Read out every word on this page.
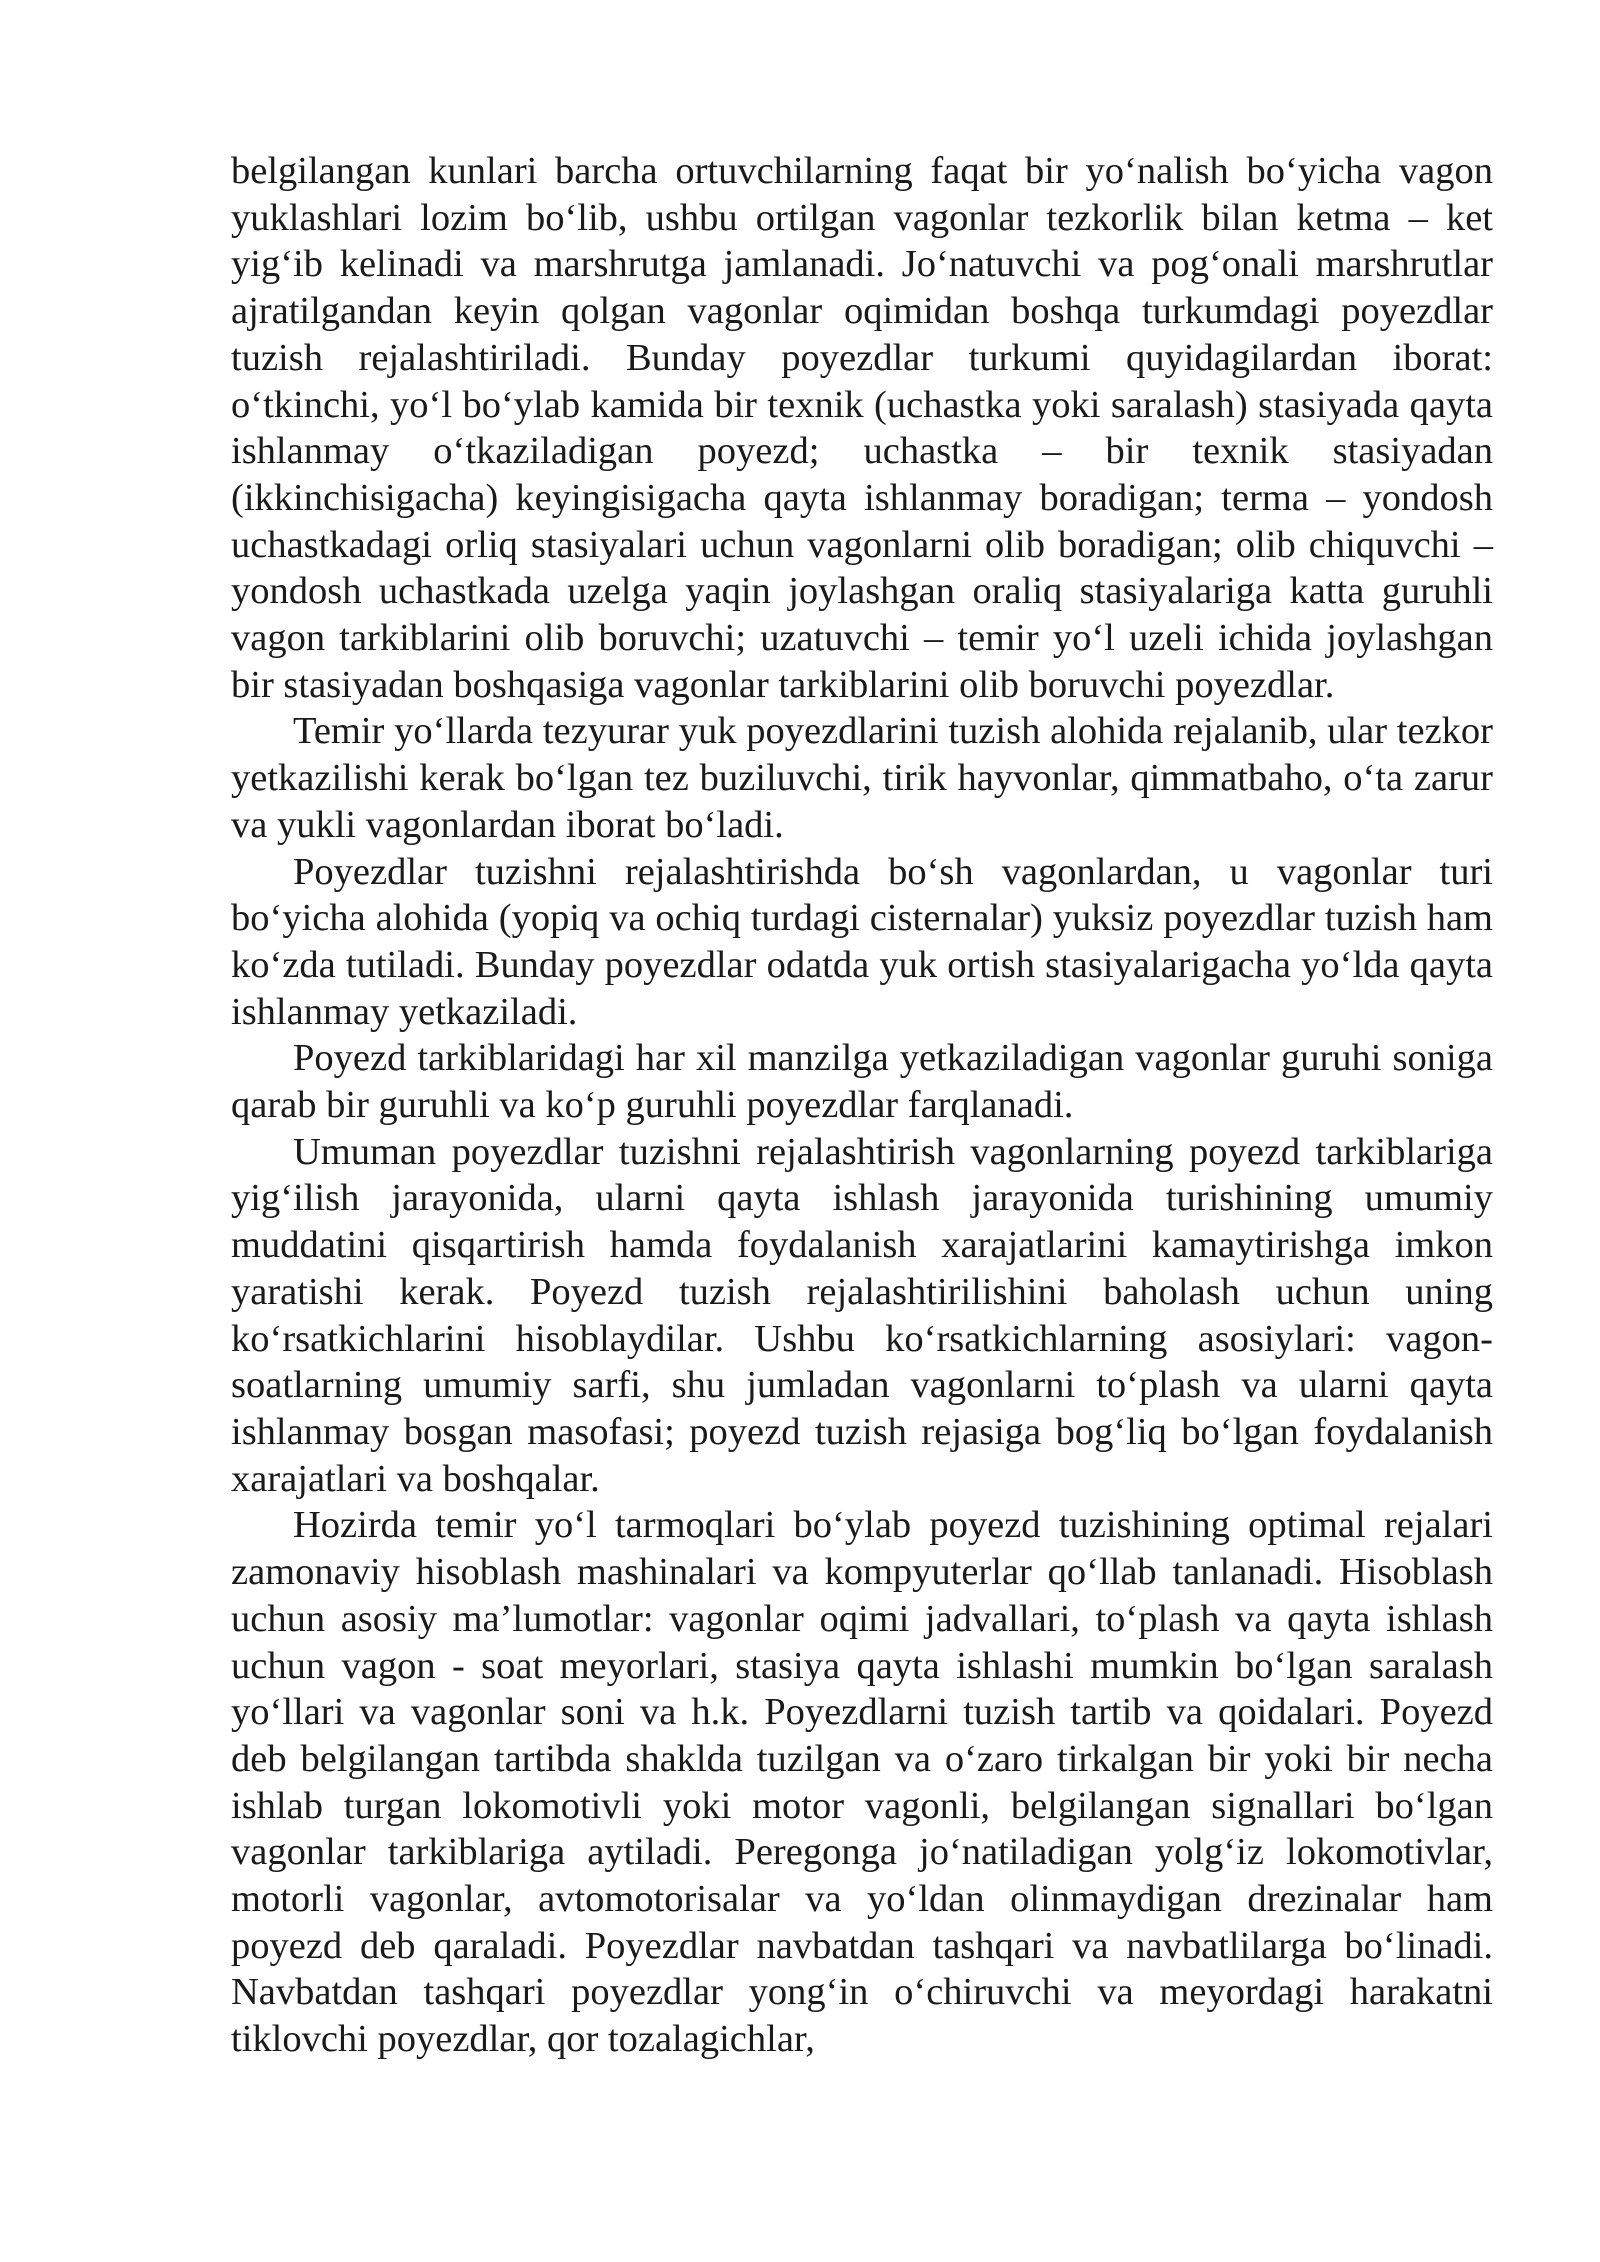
belgilangan kunlari barcha ortuvchilarning faqat bir yo‘nalish bo‘yicha vagon yuklashlari lozim bo‘lib, ushbu ortilgan vagonlar tezkorlik bilan ketma – ket yig‘ib kelinadi va marshrutga jamlanadi. Jo‘natuvchi va pog‘onali marshrutlar ajratilgandan keyin qolgan vagonlar oqimidan boshqa turkumdagi poyezdlar tuzish rejalashtiriladi. Bunday poyezdlar turkumi quyidagilardan iborat: o‘tkinchi, yo‘l bo‘ylab kamida bir texnik (uchastka yoki saralash) stasiyada qayta ishlanmay o‘tkaziladigan poyezd; uchastka – bir texnik stasiyadan (ikkinchisigacha) keyingisigacha qayta ishlanmay boradigan; terma – yondosh uchastkadagi orliq stasiyalari uchun vagonlarni olib boradigan; olib chiquvchi – yondosh uchastkada uzelga yaqin joylashgan oraliq stasiyalariga katta guruhli vagon tarkiblarini olib boruvchi; uzatuvchi – temir yo‘l uzeli ichida joylashgan bir stasiyadan boshqasiga vagonlar tarkiblarini olib boruvchi poyezdlar.

Temir yo‘llarda tezyurar yuk poyezdlarini tuzish alohida rejalanib, ular tezkor yetkazilishi kerak bo‘lgan tez buziluvchi, tirik hayvonlar, qimmatbaho, o‘ta zarur va yukli vagonlardan iborat bo‘ladi.

Poyezdlar tuzishni rejalashtirishda bo‘sh vagonlardan, u vagonlar turi bo‘yicha alohida (yopiq va ochiq turdagi cisternalar) yuksiz poyezdlar tuzish ham ko‘zda tutiladi. Bunday poyezdlar odatda yuk ortish stasiyalarigacha yo‘lda qayta ishlanmay yetkaziladi.

Poyezd tarkiblaridagi har xil manzilga yetkaziladigan vagonlar guruhi soniga qarab bir guruhli va ko‘p guruhli poyezdlar farqlanadi.

Umuman poyezdlar tuzishni rejalashtirish vagonlarning poyezd tarkiblariga yig‘ilish jarayonida, ularni qayta ishlash jarayonida turishining umumiy muddatini qisqartirish hamda foydalanish xarajatlarini kamaytirishga imkon yaratishi kerak. Poyezd tuzish rejalashtirilishini baholash uchun uning ko‘rsatkichlarini hisoblaydilar. Ushbu ko‘rsatkichlarning asosiylari: vagon-soatlarning umumiy sarfi, shu jumladan vagonlarni to‘plash va ularni qayta ishlanmay bosgan masofasi; poyezd tuzish rejasiga bog‘liq bo‘lgan foydalanish xarajatlari va boshqalar.

Hozirda temir yo‘l tarmoqlari bo‘ylab poyezd tuzishining optimal rejalari zamonaviy hisoblash mashinalari va kompyuterlar qo‘llab tanlanadi. Hisoblash uchun asosiy ma’lumotlar: vagonlar oqimi jadvallari, to‘plash va qayta ishlash uchun vagon - soat meyorlari, stasiya qayta ishlashi mumkin bo‘lgan saralash yo‘llari va vagonlar soni va h.k. Poyezdlarni tuzish tartib va qoidalari. Poyezd deb belgilangan tartibda shaklda tuzilgan va o‘zaro tirkalgan bir yoki bir necha ishlab turgan lokomotivli yoki motor vagonli, belgilangan signallari bo‘lgan vagonlar tarkiblariga aytiladi. Peregonga jo‘natiladigan yolg‘iz lokomotivlar, motorli vagonlar, avtomotorisalar va yo‘ldan olinmaydigan drezinalar ham poyezd deb qaraladi. Poyezdlar navbatdan tashqari va navbatlilarga bo‘linadi. Navbatdan tashqari poyezdlar yong‘in o‘chiruvchi va meyordagi harakatni tiklovchi poyezdlar, qor tozalagichlar,
